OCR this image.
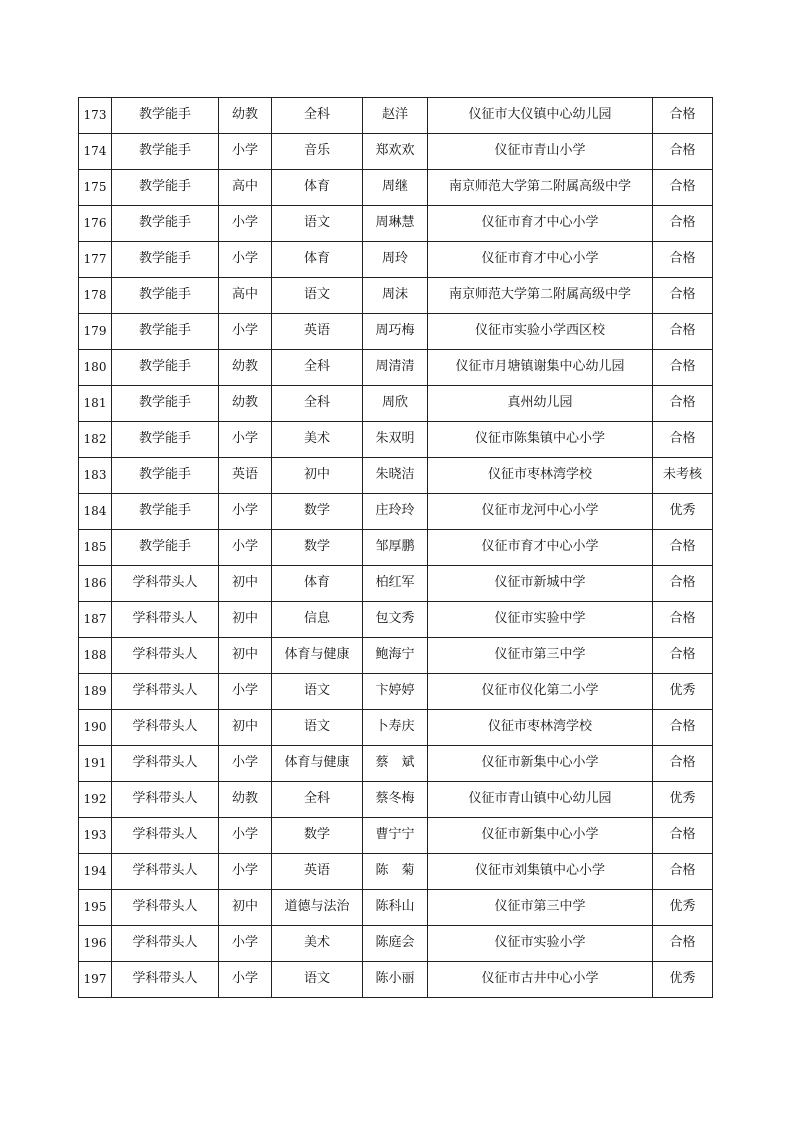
173	教学能手	幼教	全科	赵洋	仪征市大仪镇中心幼儿园	合格
174	教学能手	小学	音乐	郑欢欢	仪征市青山小学	合格
175	教学能手	高中	体育	周继	南京师范大学第二附属高级中学	合格
176	教学能手	小学	语文	周琳慧	仪征市育才中心小学	合格
177	教学能手	小学	体育	周玲	仪征市育才中心小学	合格
178	教学能手	高中	语文	周沫	南京师范大学第二附属高级中学	合格
179	教学能手	小学	英语	周巧梅	仪征市实验小学西区校	合格
180	教学能手	幼教	全科	周清清	仪征市月塘镇谢集中心幼儿园	合格
181	教学能手	幼教	全科	周欣	真州幼儿园	合格
182	教学能手	小学	美术	朱双明	仪征市陈集镇中心小学	合格
183	教学能手	英语	初中	朱晓洁	仪征市枣林湾学校	未考核
184	教学能手	小学	数学	庄玲玲	仪征市龙河中心小学	优秀
185	教学能手	小学	数学	邹厚鹏	仪征市育才中心小学	合格
186	学科带头人	初中	体育	柏红军	仪征市新城中学	合格
187	学科带头人	初中	信息	包文秀	仪征市实验中学	合格
188	学科带头人	初中	体育与健康	鲍海宁	仪征市第三中学	合格
189	学科带头人	小学	语文	卞婷婷	仪征市仪化第二小学	优秀
190	学科带头人	初中	语文	卜寿庆	仪征市枣林湾学校	合格
191	学科带头人	小学	体育与健康	蔡　斌	仪征市新集中心小学	合格
192	学科带头人	幼教	全科	蔡冬梅	仪征市青山镇中心幼儿园	优秀
193	学科带头人	小学	数学	曹宁宁	仪征市新集中心小学	合格
194	学科带头人	小学	英语	陈　菊	仪征市刘集镇中心小学	合格
195	学科带头人	初中	道德与法治	陈科山	仪征市第三中学	优秀
196	学科带头人	小学	美术	陈庭会	仪征市实验小学	合格
197	学科带头人	小学	语文	陈小丽	仪征市古井中心小学	优秀
